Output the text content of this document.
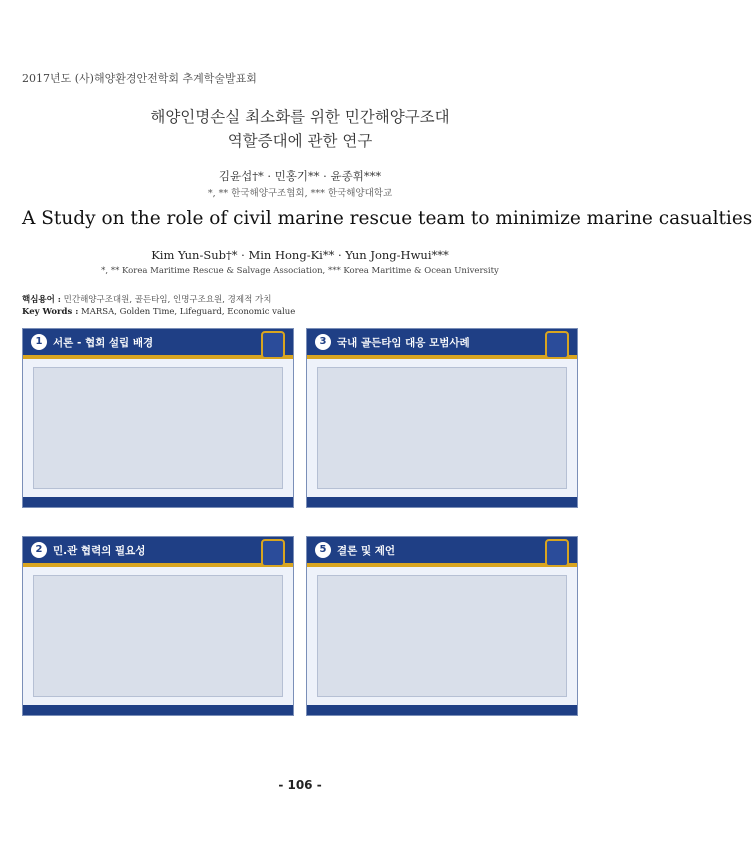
2017년도 (사)해양환경안전학회 추계학술발표회
해양인명손실 최소화를 위한 민간해양구조대
역할증대에 관한 연구
김윤섭†* · 민홍기** · 윤종휘***
*, ** 한국해양구조협회, *** 한국해양대학교
A Study on the role of civil marine rescue team to minimize marine casualties
Kim Yun-Sub†* · Min Hong-Ki** · Yun Jong-Hwui***
*, ** Korea Maritime Rescue & Salvage Association, *** Korea Maritime & Ocean University
핵심용어 : 민간해양구조대원, 골든타임, 인명구조요원, 경제적 가치
Key Words : MARSA, Golden Time, Lifeguard, Economic value
1	서론 - 협회 설립 배경	3	국내 골든타임 대응 모범사례
2	민.관 협력의 필요성	5	결론 및 제언
- 106 -
